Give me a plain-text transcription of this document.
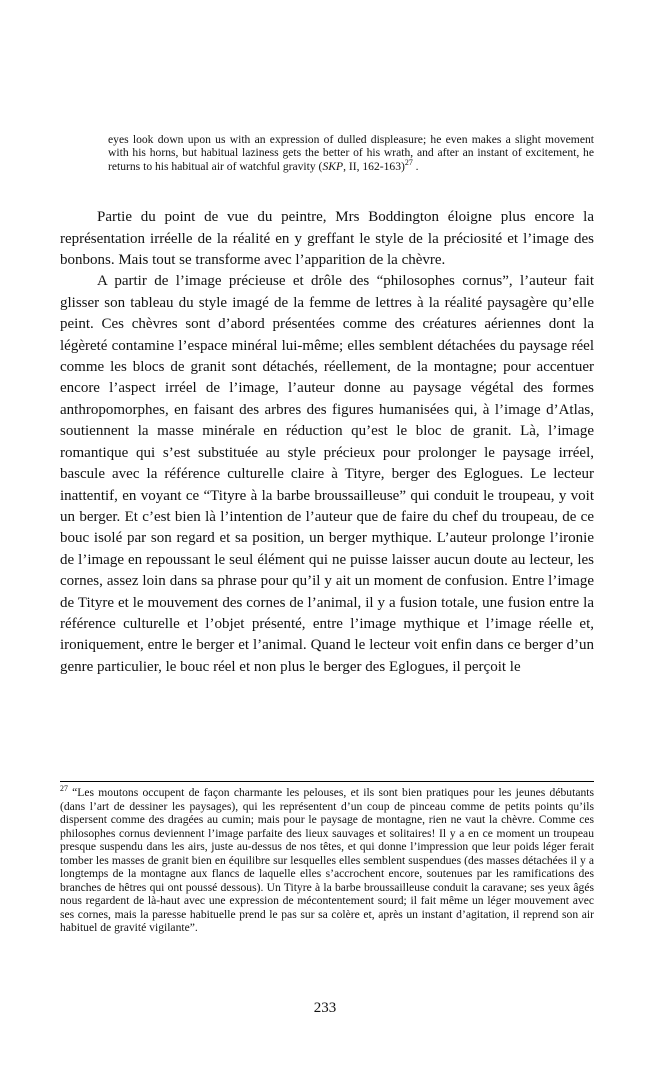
eyes look down upon us with an expression of dulled displeasure; he even makes a slight movement with his horns, but habitual laziness gets the better of his wrath, and after an instant of excitement, he returns to his habitual air of watchful gravity (SKP, II, 162-163)$^{27}$ .

Partie du point de vue du peintre, Mrs Boddington éloigne plus encore la représentation irréelle de la réalité en y greffant le style de la préciosité et l’image des bonbons. Mais tout se transforme avec l’apparition de la chèvre.

A partir de l’image précieuse et drôle des “philosophes cornus”, l’auteur fait glisser son tableau du style imagé de la femme de lettres à la réalité paysagère qu’elle peint. Ces chèvres sont d’abord présentées comme des créatures aériennes dont la légèreté contamine l’espace minéral lui-même; elles semblent détachées du paysage réel comme les blocs de granit sont détachés, réellement, de la montagne; pour accentuer encore l’aspect irréel de l’image, l’auteur donne au paysage végétal des formes anthropomorphes, en faisant des arbres des figures humanisées qui, à l’image d’Atlas, soutiennent la masse minérale en réduction qu’est le bloc de granit. Là, l’image romantique qui s’est substituée au style précieux pour prolonger le paysage irréel, bascule avec la référence culturelle claire à Tityre, berger des Eglogues. Le lecteur inattentif, en voyant ce “Tityre à la barbe broussailleuse” qui conduit le troupeau, y voit un berger. Et c’est bien là l’intention de l’auteur que de faire du chef du troupeau, de ce bouc isolé par son regard et sa position, un berger mythique. L’auteur prolonge l’ironie de l’image en repoussant le seul élément qui ne puisse laisser aucun doute au lecteur, les cornes, assez loin dans sa phrase pour qu’il y ait un moment de confusion. Entre l’image de Tityre et le mouvement des cornes de l’animal, il y a fusion totale, une fusion entre la référence culturelle et l’objet présenté, entre l’image mythique et l’image réelle et, ironiquement, entre le berger et l’animal. Quand le lecteur voit enfin dans ce berger d’un genre particulier, le bouc réel et non plus le berger des Eglogues, il perçoit le

$^{27}$ “Les moutons occupent de façon charmante les pelouses, et ils sont bien pratiques pour les jeunes débutants (dans l’art de dessiner les paysages), qui les représentent d’un coup de pinceau comme de petits points qu’ils dispersent comme des dragées au cumin; mais pour le paysage de montagne, rien ne vaut la chèvre. Comme ces philosophes cornus deviennent l’image parfaite des lieux sauvages et solitaires! Il y a en ce moment un troupeau presque suspendu dans les airs, juste au-dessus de nos têtes, et qui donne l’impression que leur poids léger ferait tomber les masses de granit bien en équilibre sur lesquelles elles semblent suspendues (des masses détachées il y a longtemps de la montagne aux flancs de laquelle elles s’accrochent encore, soutenues par les ramifications des branches de hêtres qui ont poussé dessous). Un Tityre à la barbe broussailleuse conduit la caravane; ses yeux âgés nous regardent de là-haut avec une expression de mécontentement sourd; il fait même un léger mouvement avec ses cornes, mais la paresse habituelle prend le pas sur sa colère et, après un instant d’agitation, il reprend son air habituel de gravité vigilante”.
233
